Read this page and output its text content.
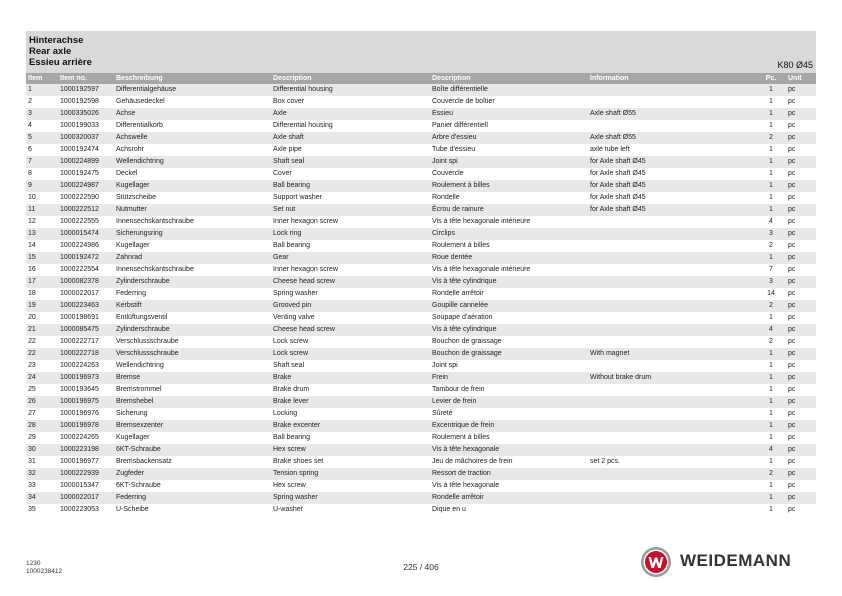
Hinterachse
Rear axle
Essieu arrière	K80 Ø45
Item	Item no.	Beschreibung	Description	Description	Information	Pc.	Unit
1	1000192597	Differentialgehäuse	Differential housing	Boîte différentielle		1	pc
2	1000192598	Gehäusedeckel	Box cover	Couvercle de boîtier		1	pc
3	1000335026	Achse	Axle	Essieu	Axle shaft Ø55	1	pc
4	1000199033	Differentialkorb	Differential housing	Panier différentiell		1	pc
5	1000320037	Achswelle	Axle shaft	Arbre d'essieu	Axle shaft Ø55	2	pc
6	1000192474	Achsrohr	Axle pipe	Tube d'essieu	axle tube left	1	pc
7	1000224899	Wellendichtring	Shaft seal	Joint spi	for Axle shaft Ø45	1	pc
8	1000192475	Deckel	Cover	Couvercle	for Axle shaft Ø45	1	pc
9	1000224987	Kugellager	Ball bearing	Roulement à billes	for Axle shaft Ø45	1	pc
10	1000222590	Stützscheibe	Support washer	Rondelle	for Axle shaft Ø45	1	pc
11	1000222512	Nutmutter	Set nut	Écrou de rainure	for Axle shaft Ø45	1	pc
12	1000222555	Innensechskantschraube	Inner hexagon screw	Vis à tête hexagonale intérieure		4	pc
13	1000015474	Sicherungsring	Lock ring	Circlips		3	pc
14	1000224986	Kugellager	Ball bearing	Roulement à billes		2	pc
15	1000192472	Zahnrad	Gear	Roue dentée		1	pc
16	1000222554	Innensechskantschraube	Inner hexagon screw	Vis à tête hexagonale intérieure		7	pc
17	1000082378	Zylinderschraube	Cheese head screw	Vis à tête cylindrique		3	pc
18	1000022017	Federring	Spring washer	Rondelle arrêtoir		14	pc
19	1000223463	Kerbstift	Grooved pin	Goupille cannelée		2	pc
20	1000198691	Entlüftungsventil	Venting valve	Soupape d'aération		1	pc
21	1000085475	Zylinderschraube	Cheese head screw	Vis à tête cylindrique		4	pc
22	1000222717	Verschlussschraube	Lock screw	Bouchon de graissage		2	pc
22	1000222718	Verschlussschraube	Lock screw	Bouchon de graissage	With magnet	1	pc
23	1000224263	Wellendichtring	Shaft seal	Joint spi		1	pc
24	1000196973	Bremse	Brake	Frein	Without brake drum	1	pc
25	1000193645	Bremstrommel	Brake drum	Tambour de frein		1	pc
26	1000196975	Bremshebel	Brake lever	Levier de frein		1	pc
27	1000196976	Sicherung	Locking	Sûreté		1	pc
28	1000196978	Bremsexzenter	Brake excenter	Excentrique de frein		1	pc
29	1000224265	Kugellager	Ball bearing	Roulement à billes		1	pc
30	1000223198	6KT-Schraube	Hex screw	Vis à tête hexagonale		4	pc
31	1000196977	Bremsbackensatz	Brake shoes set	Jeu de mâchoires de frein	set 2 pcs.	1	pc
32	1000222939	Zugfeder	Tension spring	Ressort de traction		2	pc
33	1000015347	6KT-Schraube	Hex screw	Vis à tête hexagonale		1	pc
34	1000022017	Federring	Spring washer	Rondelle arrêtoir		1	pc
35	1000223053	U-Scheibe	U-washer	Dique en u		1	pc
1230
1000238412	225 / 406	WEIDEMANN
